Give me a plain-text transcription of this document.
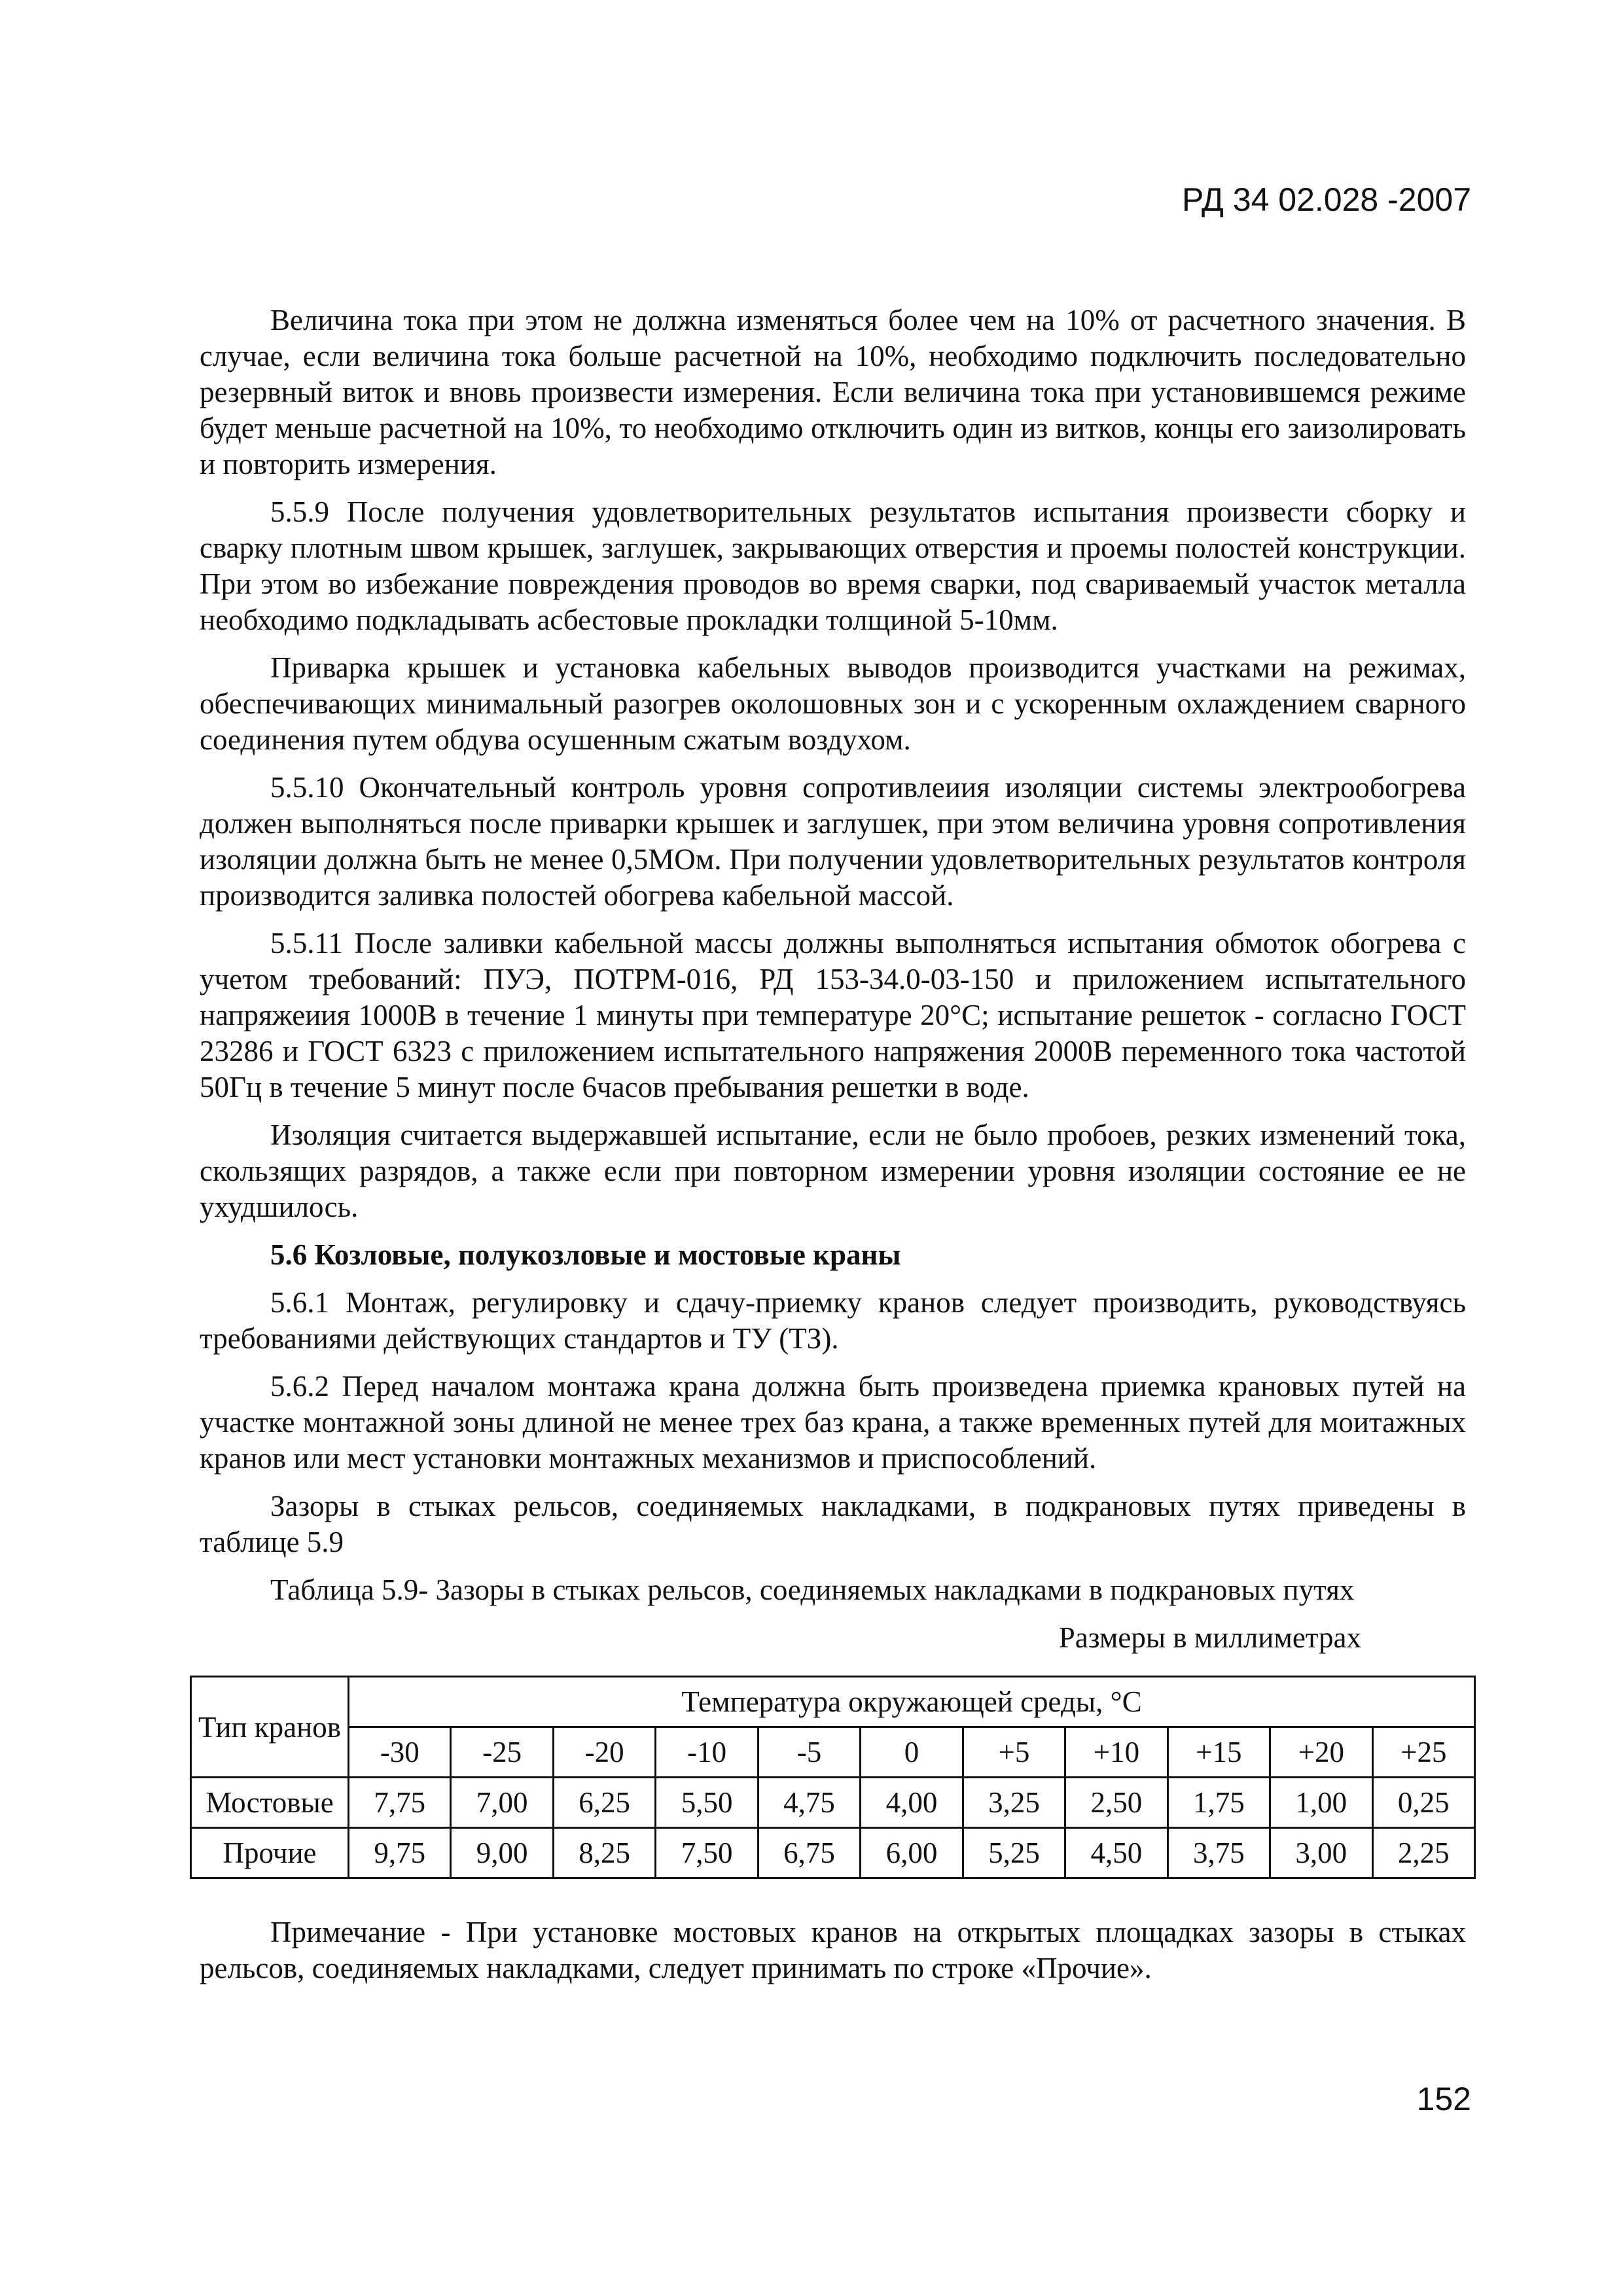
РД 34 02.028 -2007

Величина тока при этом не должна изменяться более чем на 10% от расчетного значения. В случае, если величина тока больше расчетной на 10%, необходимо подключить последовательно резервный виток и вновь произвести измерения. Если величина тока при установившемся режиме будет меньше расчетной на 10%, то необходимо отключить один из витков, концы его заизолировать и повторить измерения.

5.5.9 После получения удовлетворительных результатов испытания произвести сборку и сварку плотным швом крышек, заглушек, закрывающих отверстия и проемы полостей конструкции. При этом во избежание повреждения проводов во время сварки, под свариваемый участок металла необходимо подкладывать асбестовые прокладки толщиной 5-10мм.

Приварка крышек и установка кабельных выводов производится участками на режимах, обеспечивающих минимальный разогрев околошовных зон и с ускоренным охлаждением сварного соединения путем обдува осушенным сжатым воздухом.

5.5.10 Окончательный контроль уровня сопротивлеиия изоляции системы электрообогрева должен выполняться после приварки крышек и заглушек, при этом величина уровня сопротивления изоляции должна быть не менее 0,5МОм. При получении удовлетворительных результатов контроля производится заливка полостей обогрева кабельной массой.

5.5.11 После заливки кабельной массы должны выполняться испытания обмоток обогрева с учетом требований: ПУЭ, ПОТРМ-016, РД 153-34.0-03-150 и приложением испытательного напряжеиия 1000В в течение 1 минуты при температуре 20°С; испытание решеток - согласно ГОСТ 23286 и ГОСТ 6323 с приложением испытательного напряжения 2000В переменного тока частотой 50Гц в течение 5 минут после 6часов пребывания решетки в воде.

Изоляция считается выдержавшей испытание, если не было пробоев, резких изменений тока, скользящих разрядов, а также если при повторном измерении уровня изоляции состояние ее не ухудшилось.

5.6 Козловые, полукозловые и мостовые краны

5.6.1 Монтаж, регулировку и сдачу-приемку кранов следует производить, руководствуясь требованиями действующих стандартов и ТУ (ТЗ).

5.6.2 Перед началом монтажа крана должна быть произведена приемка крановых путей на участке монтажной зоны длиной не менее трех баз крана, а также временных путей для моитажных кранов или мест установки монтажных механизмов и приспособлений.

Зазоры в стыках рельсов, соединяемых накладками, в подкрановых путях приведены в таблице 5.9

Таблица 5.9- Зазоры в стыках рельсов, соединяемых накладками в подкрановых путях

Размеры в миллиметрах

Тип кранов	Температура окружающей среды, °С										
	-30	-25	-20	-10	-5	0	+5	+10	+15	+20	+25
Мостовые	7,75	7,00	6,25	5,50	4,75	4,00	3,25	2,50	1,75	1,00	0,25
Прочие	9,75	9,00	8,25	7,50	6,75	6,00	5,25	4,50	3,75	3,00	2,25

Примечание - При установке мостовых кранов на открытых площадках зазоры в стыках рельсов, соединяемых накладками, следует принимать по строке «Прочие».

152
